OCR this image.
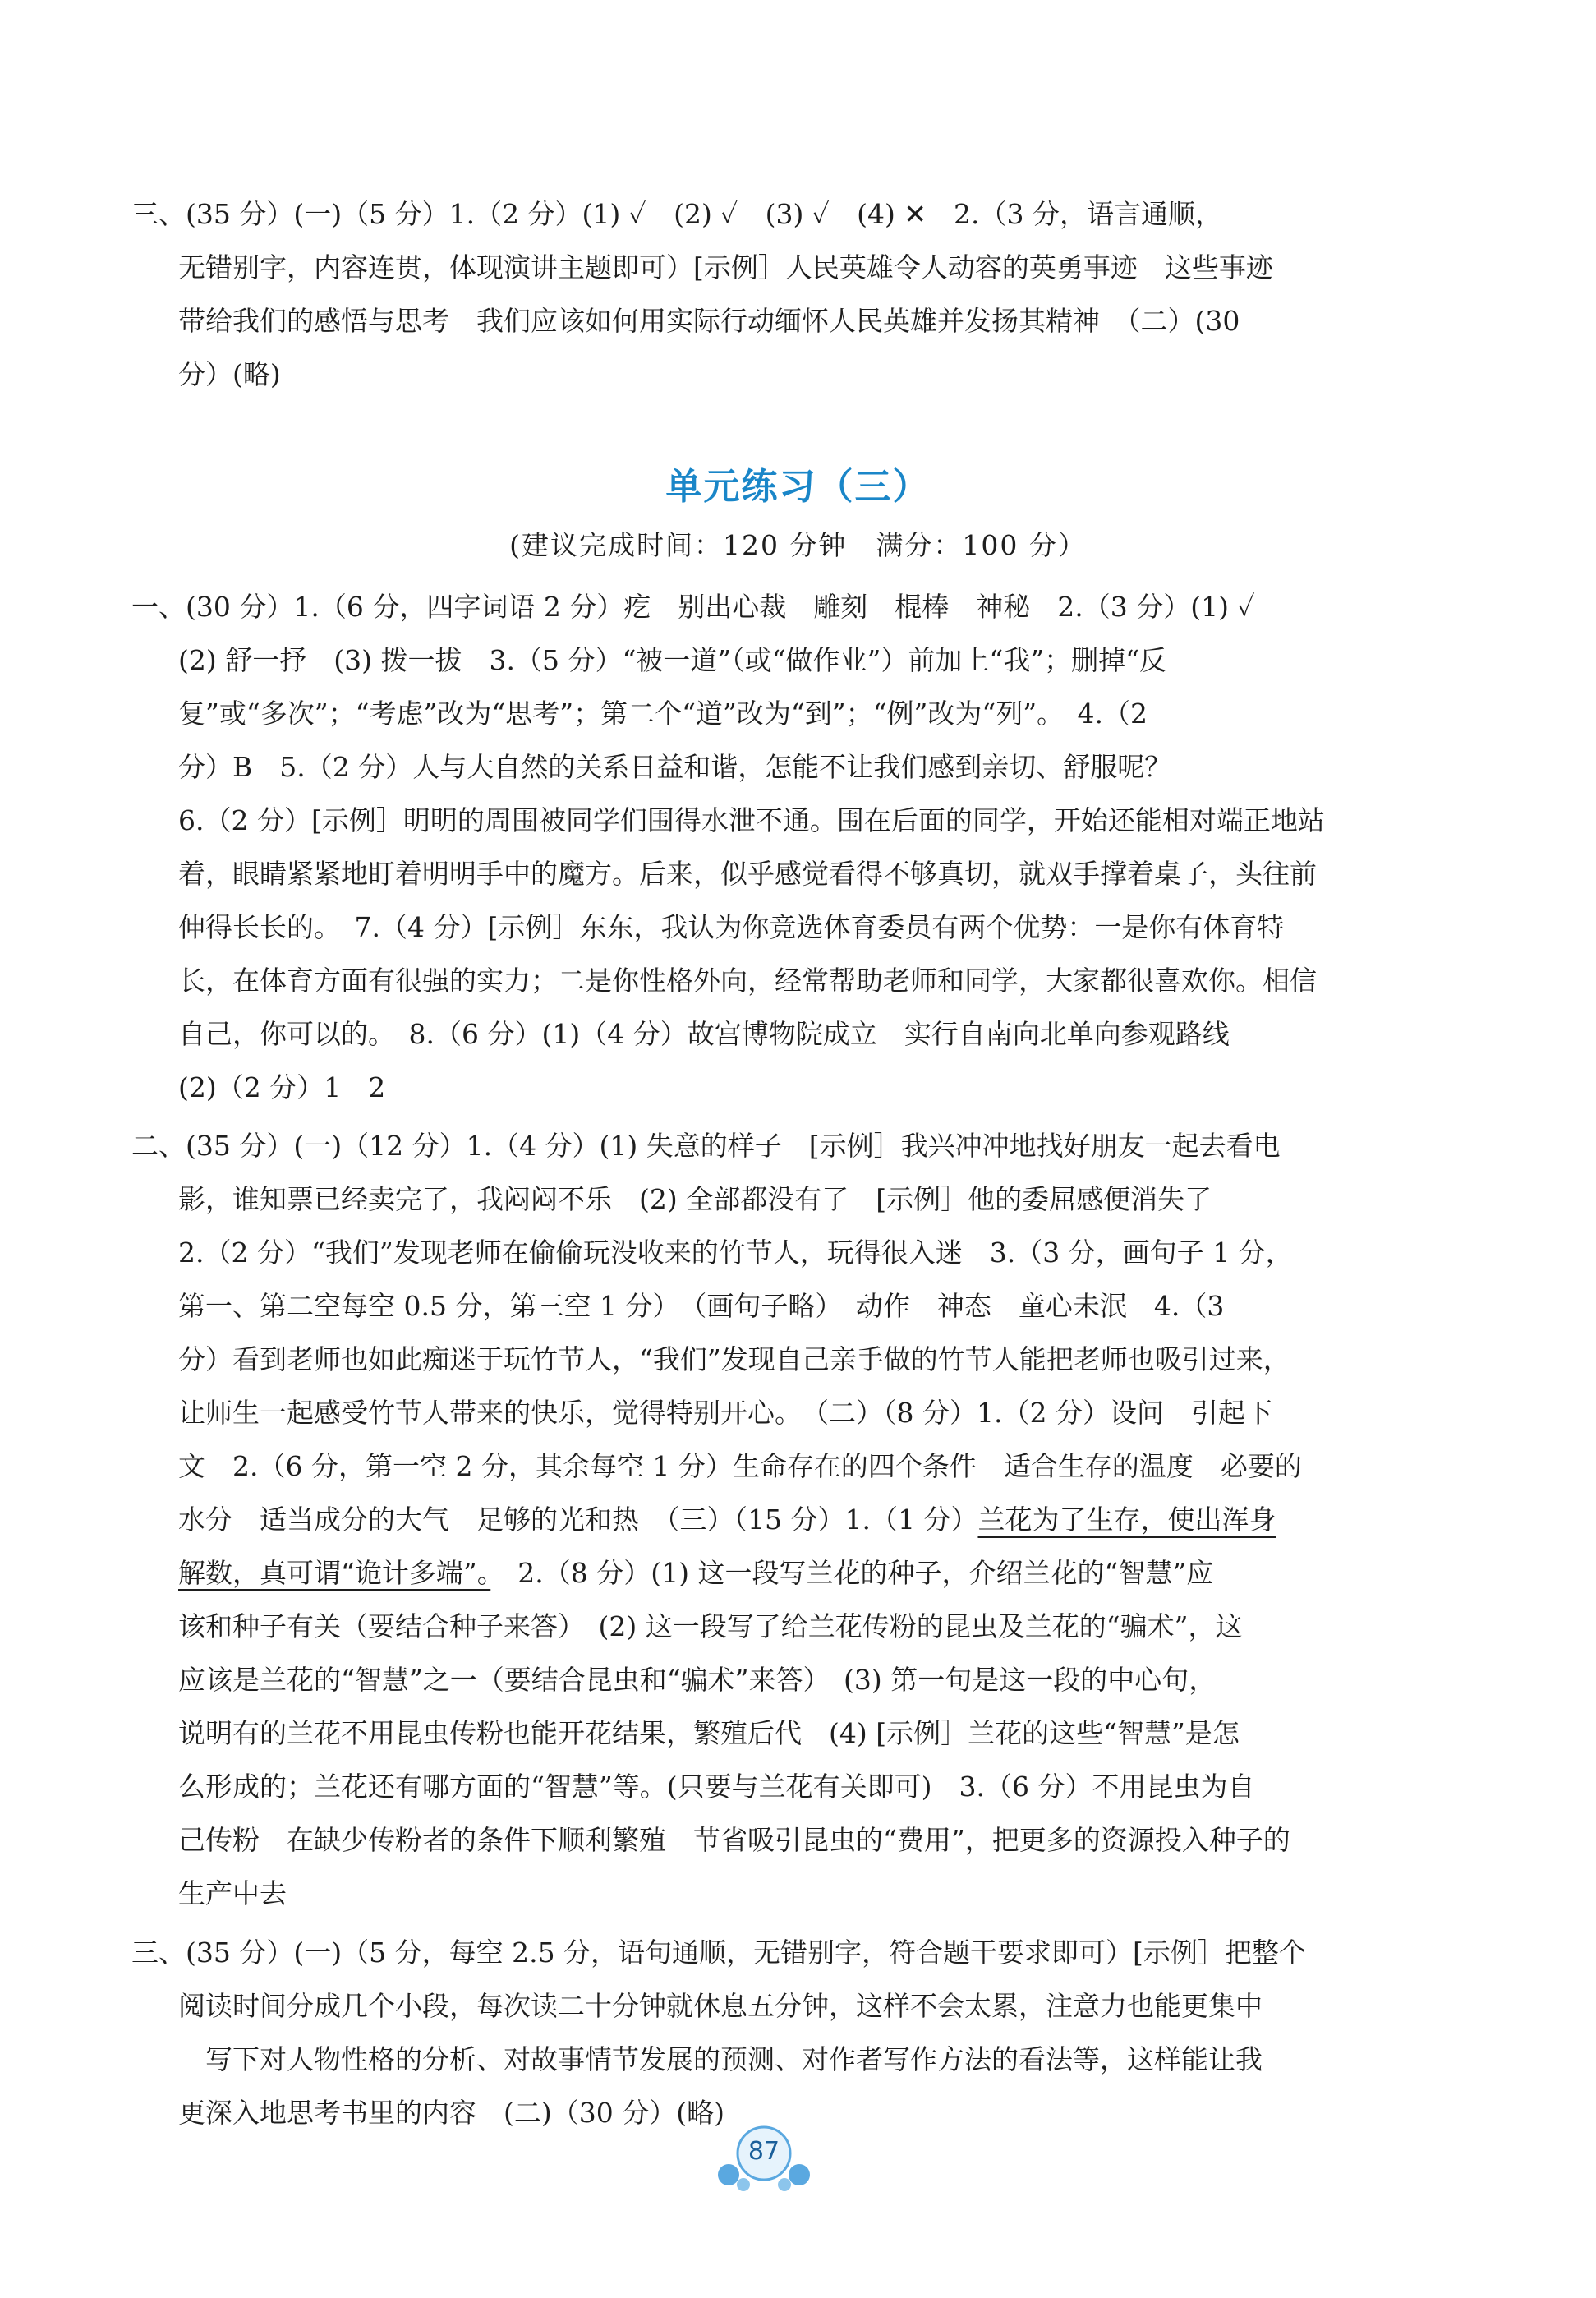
三、(35 分）(一)（5 分）1.（2 分）(1) ✓　(2) ✓　(3) ✓　(4) ✕　2.（3 分，语言通顺，
无错别字，内容连贯，体现演讲主题即可）[示例］人民英雄令人动容的英勇事迹　这些事迹
带给我们的感悟与思考　我们应该如何用实际行动缅怀人民英雄并发扬其精神　（二）(30
分）(略)
单元练习（三）
(建议完成时间：120 分钟　满分：100 分）
一、(30 分）1.（6 分，四字词语 2 分）疙　别出心裁　雕刻　棍棒　神秘　2.（3 分）(1) ✓
(2) 舒一抒　(3) 拨一拔　3.（5 分）“被一道”（或“做作业”）前加上“我”；删掉“反
复”或“多次”；“考虑”改为“思考”；第二个“道”改为“到”；“例”改为“列”。　4.（2
分）B　5.（2 分）人与大自然的关系日益和谐，怎能不让我们感到亲切、舒服呢？
6.（2 分）[示例］明明的周围被同学们围得水泄不通。围在后面的同学，开始还能相对端正地站
着，眼睛紧紧地盯着明明手中的魔方。后来，似乎感觉看得不够真切，就双手撑着桌子，头往前
伸得长长的。　7.（4 分）[示例］东东，我认为你竞选体育委员有两个优势：一是你有体育特
长，在体育方面有很强的实力；二是你性格外向，经常帮助老师和同学，大家都很喜欢你。相信
自己，你可以的。　8.（6 分）(1)（4 分）故宫博物院成立　实行自南向北单向参观路线
(2)（2 分）1　2
二、(35 分）(一)（12 分）1.（4 分）(1) 失意的样子　[示例］我兴冲冲地找好朋友一起去看电
影，谁知票已经卖完了，我闷闷不乐　(2) 全部都没有了　[示例］他的委屈感便消失了
2.（2 分）“我们”发现老师在偷偷玩没收来的竹节人，玩得很入迷　3.（3 分，画句子 1 分，
第一、第二空每空 0.5 分，第三空 1 分）　（画句子略）　动作　神态　童心未泯　4.（3
分）看到老师也如此痴迷于玩竹节人，“我们”发现自己亲手做的竹节人能把老师也吸引过来，
让师生一起感受竹节人带来的快乐，觉得特别开心。　（二）（8 分）1.（2 分）设问　引起下
文　2.（6 分，第一空 2 分，其余每空 1 分）生命存在的四个条件　适合生存的温度　必要的
水分　适当成分的大气　足够的光和热　（三）（15 分）1.（1 分）兰花为了生存，使出浑身
解数，真可谓“诡计多端”。　2.（8 分）(1) 这一段写兰花的种子，介绍兰花的“智慧”应
该和种子有关（要结合种子来答）　(2) 这一段写了给兰花传粉的昆虫及兰花的“骗术”，这
应该是兰花的“智慧”之一（要结合昆虫和“骗术”来答）　(3) 第一句是这一段的中心句，
说明有的兰花不用昆虫传粉也能开花结果，繁殖后代　(4) [示例］兰花的这些“智慧”是怎
么形成的；兰花还有哪方面的“智慧”等。(只要与兰花有关即可)　3.（6 分）不用昆虫为自
己传粉　在缺少传粉者的条件下顺利繁殖　节省吸引昆虫的“费用”，把更多的资源投入种子的
生产中去
三、(35 分）(一)（5 分，每空 2.5 分，语句通顺，无错别字，符合题干要求即可）[示例］把整个
阅读时间分成几个小段，每次读二十分钟就休息五分钟，这样不会太累，注意力也能更集中
　写下对人物性格的分析、对故事情节发展的预测、对作者写作方法的看法等，这样能让我
更深入地思考书里的内容　(二)（30 分）(略)
87
